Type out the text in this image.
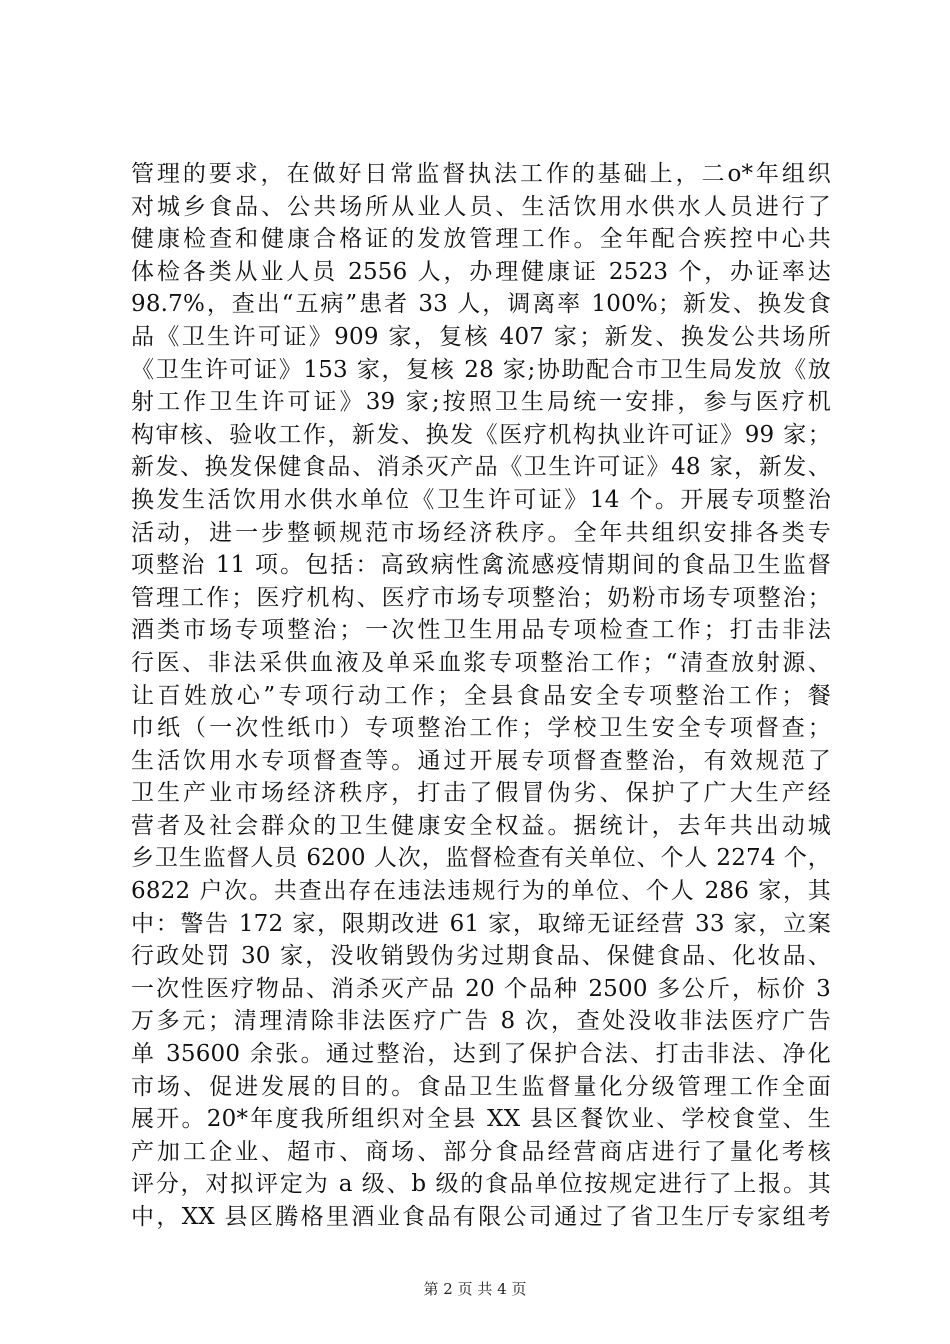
管理的要求，在做好日常监督执法工作的基础上，二o*年组织
对城乡食品、公共场所从业人员、生活饮用水供水人员进行了
健康检查和健康合格证的发放管理工作。全年配合疾控中心共
体检各类从业人员 2556 人，办理健康证 2523 个，办证率达
98.7%，查出“五病”患者 33 人，调离率 100%；新发、换发食
品《卫生许可证》909 家，复核 407 家；新发、换发公共场所
《卫生许可证》153 家，复核 28 家;协助配合市卫生局发放《放
射工作卫生许可证》39 家;按照卫生局统一安排，参与医疗机
构审核、验收工作，新发、换发《医疗机构执业许可证》99 家；
新发、换发保健食品、消杀灭产品《卫生许可证》48 家，新发、
换发生活饮用水供水单位《卫生许可证》14 个。开展专项整治
活动，进一步整顿规范市场经济秩序。全年共组织安排各类专
项整治 11 项。包括：高致病性禽流感疫情期间的食品卫生监督
管理工作；医疗机构、医疗市场专项整治；奶粉市场专项整治；
酒类市场专项整治；一次性卫生用品专项检查工作；打击非法
行医、非法采供血液及单采血浆专项整治工作；“清查放射源、
让百姓放心”专项行动工作；全县食品安全专项整治工作；餐
巾纸（一次性纸巾）专项整治工作；学校卫生安全专项督查；
生活饮用水专项督查等。通过开展专项督查整治，有效规范了
卫生产业市场经济秩序，打击了假冒伪劣、保护了广大生产经
营者及社会群众的卫生健康安全权益。据统计，去年共出动城
乡卫生监督人员 6200 人次，监督检查有关单位、个人 2274 个，
6822 户次。共查出存在违法违规行为的单位、个人 286 家，其
中：警告 172 家，限期改进 61 家，取缔无证经营 33 家，立案
行政处罚 30 家，没收销毁伪劣过期食品、保健食品、化妆品、
一次性医疗物品、消杀灭产品 20 个品种 2500 多公斤，标价 3
万多元；清理清除非法医疗广告 8 次，查处没收非法医疗广告
单 35600 余张。通过整治，达到了保护合法、打击非法、净化
市场、促进发展的目的。食品卫生监督量化分级管理工作全面
展开。20*年度我所组织对全县 XX 县区餐饮业、学校食堂、生
产加工企业、超市、商场、部分食品经营商店进行了量化考核
评分，对拟评定为 a 级、b 级的食品单位按规定进行了上报。其
中，XX 县区腾格里酒业食品有限公司通过了省卫生厅专家组考
第 2 页 共 4 页
